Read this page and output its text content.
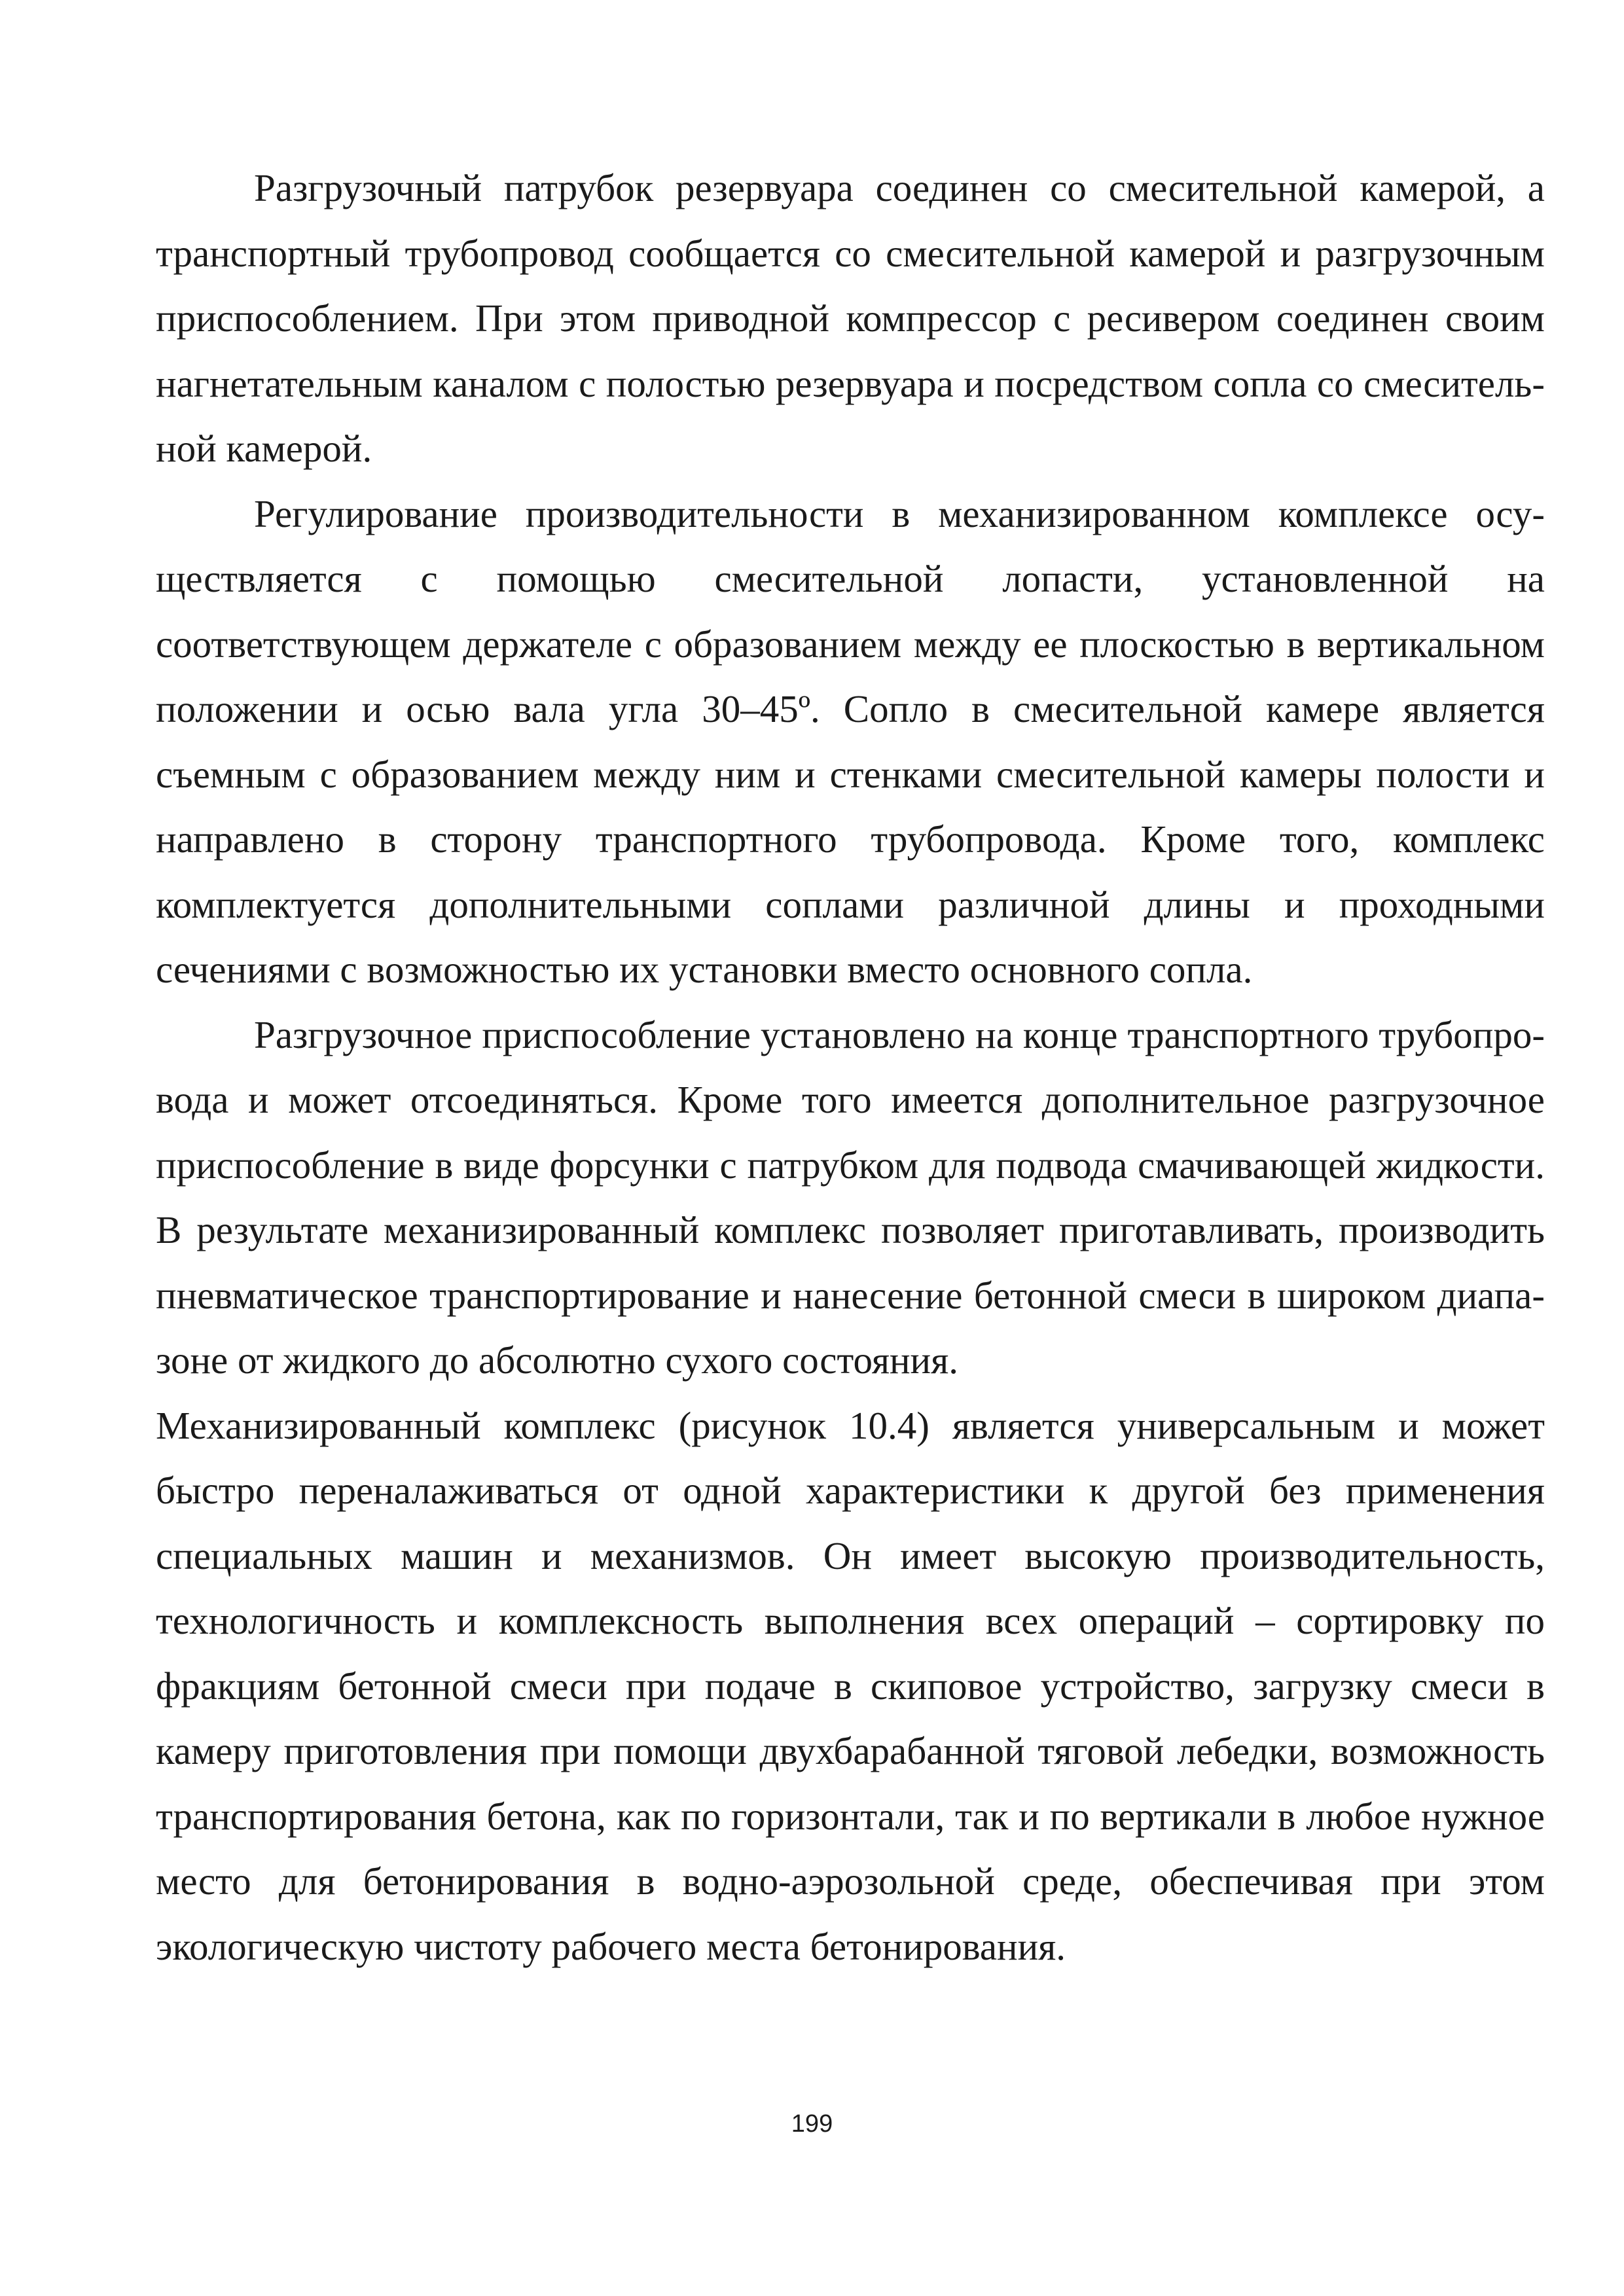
Разгрузочный патрубок резервуара соединен со смесительной камерой, а транспортный трубопровод сообщается со смесительной камерой и разгрузочным приспособлением. При этом приводной компрессор с ресивером соединен своим нагнетательным каналом с полостью резервуара и посредством сопла со смесительной камерой.

Регулирование производительности в механизированном комплексе осуществляется с помощью смесительной лопасти, установленной на соответствующем держателе с образованием между ее плоскостью в вертикальном положении и осью вала угла 30–45º. Сопло в смесительной камере является съемным с образованием между ним и стенками смесительной камеры полости и направлено в сторону транспортного трубопровода. Кроме того, комплекс комплектуется дополнительными соплами различной длины и проходными сечениями с возможностью их установки вместо основного сопла.

Разгрузочное приспособление установлено на конце транспортного трубопровода и может отсоединяться. Кроме того имеется дополнительное разгрузочное приспособление в виде форсунки с патрубком для подвода смачивающей жидкости. В результате механизированный комплекс позволяет приготавливать, производить пневматическое транспортирование и нанесение бетонной смеси в широком диапазоне от жидкого до абсолютно сухого состояния.

Механизированный комплекс (рисунок 10.4) является универсальным и может быстро переналаживаться от одной характеристики к другой без применения специальных машин и механизмов. Он имеет высокую производительность, технологичность и комплексность выполнения всех операций – сортировку по фракциям бетонной смеси при подаче в скиповое устройство, загрузку смеси в камеру приготовления при помощи двухбарабанной тяговой лебедки, возможность транспортирования бетона, как по горизонтали, так и по вертикали в любое нужное место для бетонирования в водно-аэрозольной среде, обеспечивая при этом экологическую чистоту рабочего места бетонирования.

199
